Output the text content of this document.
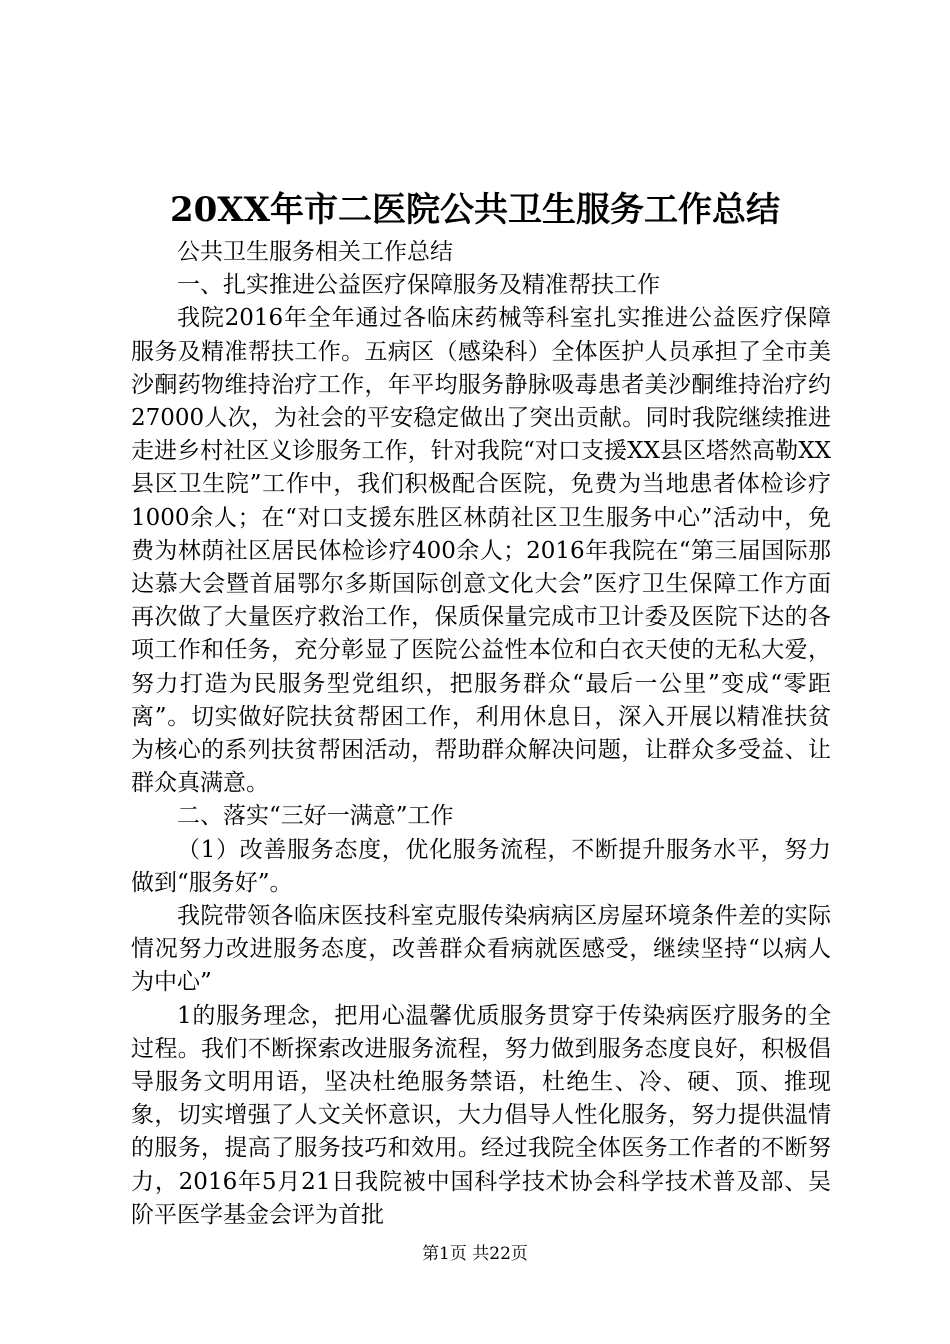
20XX年市二医院公共卫生服务工作总结

公共卫生服务相关工作总结

一、扎实推进公益医疗保障服务及精准帮扶工作

我院2016年全年通过各临床药械等科室扎实推进公益医疗保障服务及精准帮扶工作。五病区（感染科）全体医护人员承担了全市美沙酮药物维持治疗工作，年平均服务静脉吸毒患者美沙酮维持治疗约27000人次，为社会的平安稳定做出了突出贡献。同时我院继续推进走进乡村社区义诊服务工作，针对我院“对口支援XX县区塔然高勒XX县区卫生院”工作中，我们积极配合医院，免费为当地患者体检诊疗1000余人；在“对口支援东胜区林荫社区卫生服务中心”活动中，免费为林荫社区居民体检诊疗400余人；2016年我院在“第三届国际那达慕大会暨首届鄂尔多斯国际创意文化大会”医疗卫生保障工作方面再次做了大量医疗救治工作，保质保量完成市卫计委及医院下达的各项工作和任务，充分彰显了医院公益性本位和白衣天使的无私大爱，努力打造为民服务型党组织，把服务群众“最后一公里”变成“零距离”。切实做好院扶贫帮困工作，利用休息日，深入开展以精准扶贫为核心的系列扶贫帮困活动，帮助群众解决问题，让群众多受益、让群众真满意。

二、落实“三好一满意”工作

（1）改善服务态度，优化服务流程，不断提升服务水平，努力做到“服务好”。

我院带领各临床医技科室克服传染病病区房屋环境条件差的实际情况努力改进服务态度，改善群众看病就医感受，继续坚持“以病人为中心”

1的服务理念，把用心温馨优质服务贯穿于传染病医疗服务的全过程。我们不断探索改进服务流程，努力做到服务态度良好，积极倡导服务文明用语，坚决杜绝服务禁语，杜绝生、冷、硬、顶、推现象，切实增强了人文关怀意识，大力倡导人性化服务，努力提供温情的服务，提高了服务技巧和效用。经过我院全体医务工作者的不断努力，2016年5月21日我院被中国科学技术协会科学技术普及部、吴阶平医学基金会评为首批

第1页 共22页
